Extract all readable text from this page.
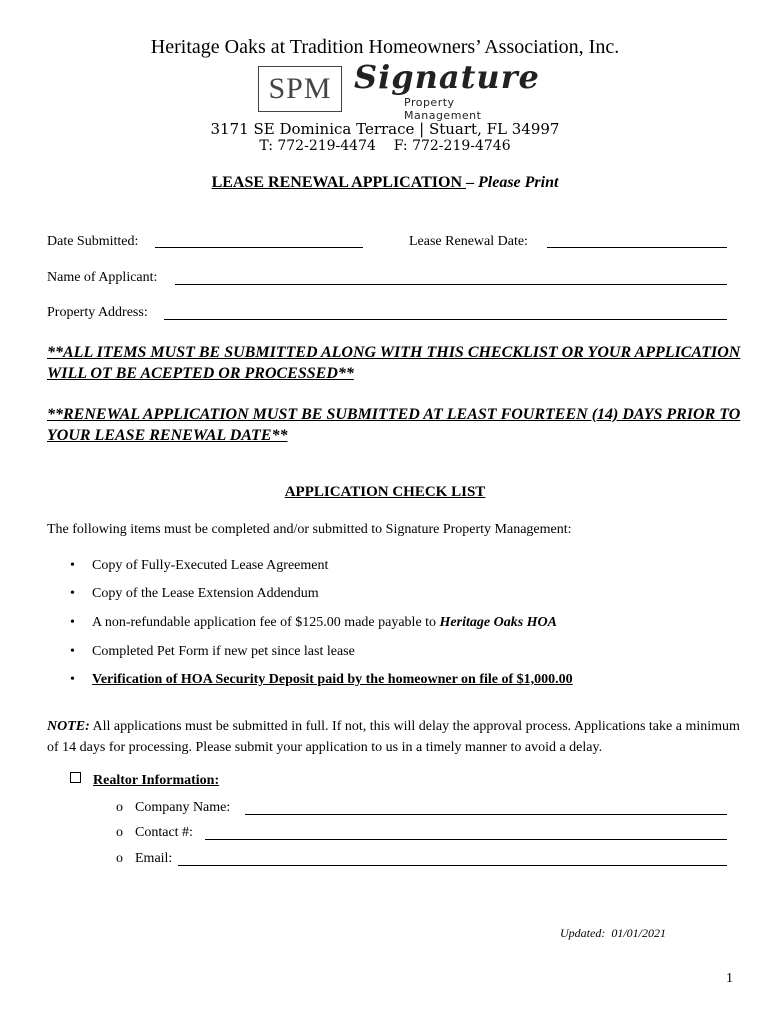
Heritage Oaks at Tradition Homeowners’ Association, Inc.
SPM Signature
Property Management
3171 SE Dominica Terrace | Stuart, FL 34997
T: 772-219-4474    F: 772-219-4746
LEASE RENEWAL APPLICATION – Please Print
Date Submitted:	Lease Renewal Date:
Name of Applicant:
Property Address:
**ALL ITEMS MUST BE SUBMITTED ALONG WITH THIS CHECKLIST OR YOUR APPLICATION WILL OT BE ACEPTED OR PROCESSED**
**RENEWAL APPLICATION MUST BE SUBMITTED AT LEAST FOURTEEN (14) DAYS PRIOR TO YOUR LEASE RENEWAL DATE**
APPLICATION CHECK LIST
The following items must be completed and/or submitted to Signature Property Management:
• Copy of Fully-Executed Lease Agreement
• Copy of the Lease Extension Addendum
• A non-refundable application fee of $125.00 made payable to Heritage Oaks HOA
• Completed Pet Form if new pet since last lease
• Verification of HOA Security Deposit paid by the homeowner on file of $1,000.00
NOTE: All applications must be submitted in full. If not, this will delay the approval process. Applications take a minimum of 14 days for processing. Please submit your application to us in a timely manner to avoid a delay.
Realtor Information:
o Company Name:
o Contact #:
o Email:
Updated:  01/01/2021
1
